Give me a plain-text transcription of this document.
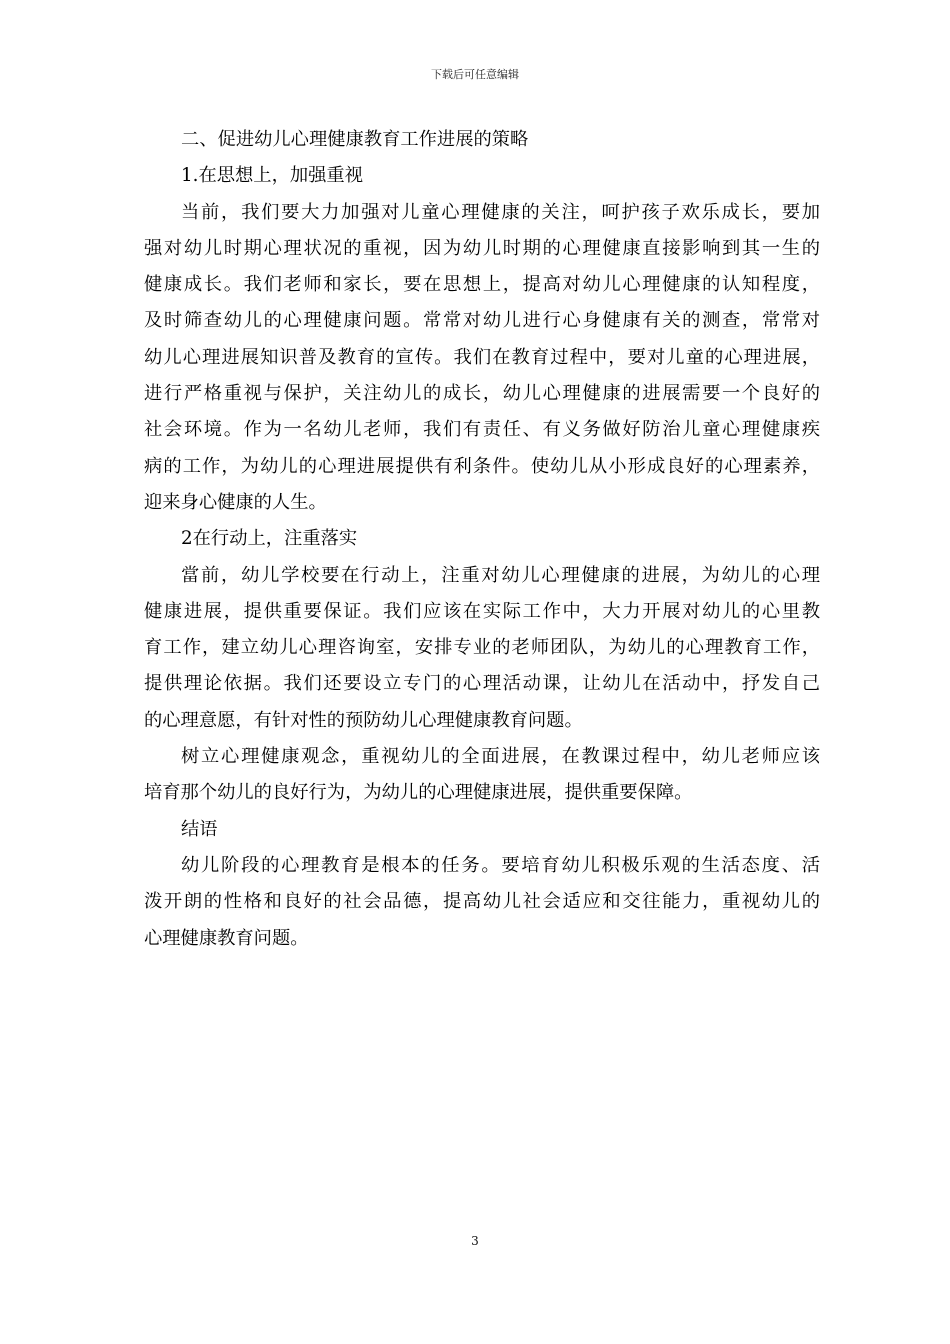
下载后可任意编辑
二、促进幼儿心理健康教育工作进展的策略
1.在思想上，加强重视
当前，我们要大力加强对儿童心理健康的关注，呵护孩子欢乐成长，要加
强对幼儿时期心理状况的重视，因为幼儿时期的心理健康直接影响到其一生的
健康成长。我们老师和家长，要在思想上，提高对幼儿心理健康的认知程度，
及时筛查幼儿的心理健康问题。常常对幼儿进行心身健康有关的测查，常常对
幼儿心理进展知识普及教育的宣传。我们在教育过程中，要对儿童的心理进展，
进行严格重视与保护，关注幼儿的成长，幼儿心理健康的进展需要一个良好的
社会环境。作为一名幼儿老师，我们有责任、有义务做好防治儿童心理健康疾
病的工作，为幼儿的心理进展提供有利条件。使幼儿从小形成良好的心理素养，
迎来身心健康的人生。
2在行动上，注重落实
當前，幼儿学校要在行动上，注重对幼儿心理健康的进展，为幼儿的心理
健康进展，提供重要保证。我们应该在实际工作中，大力开展对幼儿的心里教
育工作，建立幼儿心理咨询室，安排专业的老师团队，为幼儿的心理教育工作，
提供理论依据。我们还要设立专门的心理活动课，让幼儿在活动中，抒发自己
的心理意愿，有针对性的预防幼儿心理健康教育问题。
树立心理健康观念，重视幼儿的全面进展，在教课过程中，幼儿老师应该
培育那个幼儿的良好行为，为幼儿的心理健康进展，提供重要保障。
结语
幼儿阶段的心理教育是根本的任务。要培育幼儿积极乐观的生活态度、活
泼开朗的性格和良好的社会品德，提高幼儿社会适应和交往能力，重视幼儿的
心理健康教育问题。
3
